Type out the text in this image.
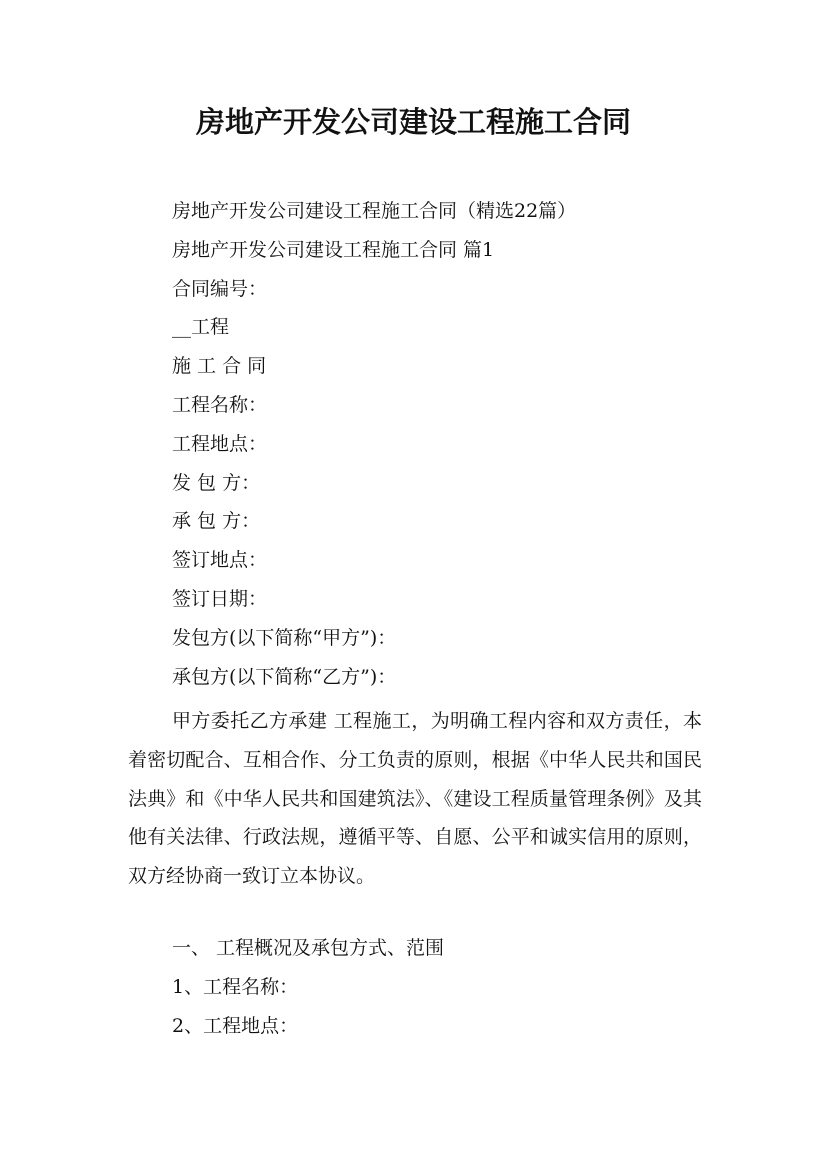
房地产开发公司建设工程施工合同
房地产开发公司建设工程施工合同（精选22篇）
房地产开发公司建设工程施工合同 篇1
合同编号：
__工程
施 工 合 同
工程名称：
工程地点：
发 包 方：
承 包 方：
签订地点：
签订日期：
发包方(以下简称“甲方”)：
承包方(以下简称“乙方”)：
甲方委托乙方承建 工程施工，为明确工程内容和双方责任，本着密切配合、互相合作、分工负责的原则，根据《中华人民共和国民法典》和《中华人民共和国建筑法》、《建设工程质量管理条例》及其他有关法律、行政法规，遵循平等、自愿、公平和诚实信用的原则，双方经协商一致订立本协议。
一、 工程概况及承包方式、范围
1、工程名称：
2、工程地点：
